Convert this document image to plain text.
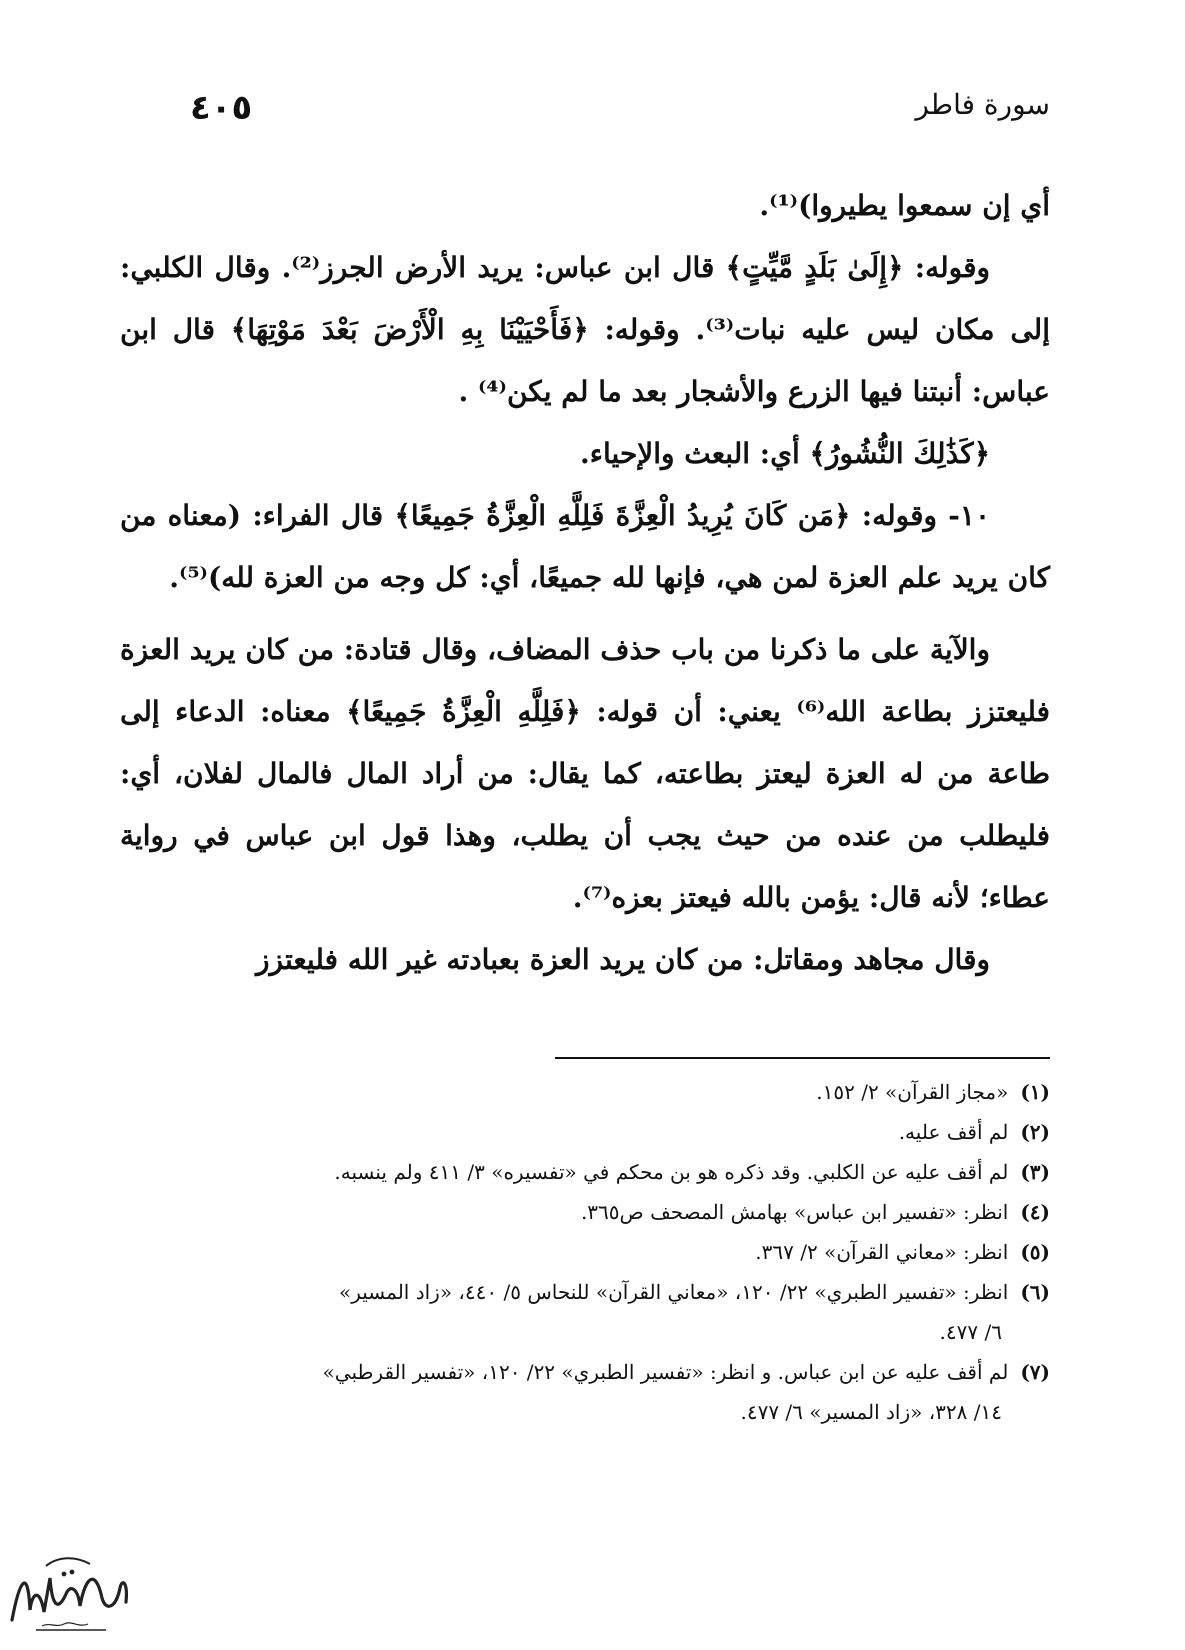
٤٠٥	سورة فاطر

أي إن سمعوا يطيروا)⁽¹⁾.

وقوله: ﴿إِلَىٰ بَلَدٍ مَّيِّتٍ﴾ قال ابن عباس: يريد الأرض الجرز⁽²⁾. وقال الكلبي: إلى مكان ليس عليه نبات⁽³⁾. وقوله: ﴿فَأَحْيَيْنَا بِهِ الْأَرْضَ بَعْدَ مَوْتِهَا﴾ قال ابن عباس: أنبتنا فيها الزرع والأشجار بعد ما لم يكن⁽⁴⁾ .

﴿كَذَٰلِكَ النُّشُورُ﴾ أي: البعث والإحياء.

١٠- وقوله: ﴿مَن كَانَ يُرِيدُ الْعِزَّةَ فَلِلَّهِ الْعِزَّةُ جَمِيعًا﴾ قال الفراء: (معناه من كان يريد علم العزة لمن هي، فإنها لله جميعًا، أي: كل وجه من العزة لله)⁽⁵⁾.

والآية على ما ذكرنا من باب حذف المضاف، وقال قتادة: من كان يريد العزة فليعتزز بطاعة الله⁽⁶⁾ يعني: أن قوله: ﴿فَلِلَّهِ الْعِزَّةُ جَمِيعًا﴾ معناه: الدعاء إلى طاعة من له العزة ليعتز بطاعته، كما يقال: من أراد المال فالمال لفلان، أي: فليطلب من عنده من حيث يجب أن يطلب، وهذا قول ابن عباس في رواية عطاء؛ لأنه قال: يؤمن بالله فيعتز بعزه⁽⁷⁾.

وقال مجاهد ومقاتل: من كان يريد العزة بعبادته غير الله فليعتزز

(١)«مجاز القرآن» ٢/ ١٥٢.

(٢)لم أقف عليه.

(٣)لم أقف عليه عن الكلبي. وقد ذكره هو بن محكم في «تفسيره» ٣/ ٤١١ ولم ينسبه.

(٤)انظر: «تفسير ابن عباس» بهامش المصحف ص٣٦٥.

(٥)انظر: «معاني القرآن» ٢/ ٣٦٧.

(٦)انظر: «تفسير الطبري» ٢٢/ ١٢٠، «معاني القرآن» للنحاس ٥/ ٤٤٠، «زاد المسير»

٦/ ٤٧٧.

(٧)لم أقف عليه عن ابن عباس. و انظر: «تفسير الطبري» ٢٢/ ١٢٠، «تفسير القرطبي»

١٤/ ٣٢٨، «زاد المسير» ٦/ ٤٧٧.
